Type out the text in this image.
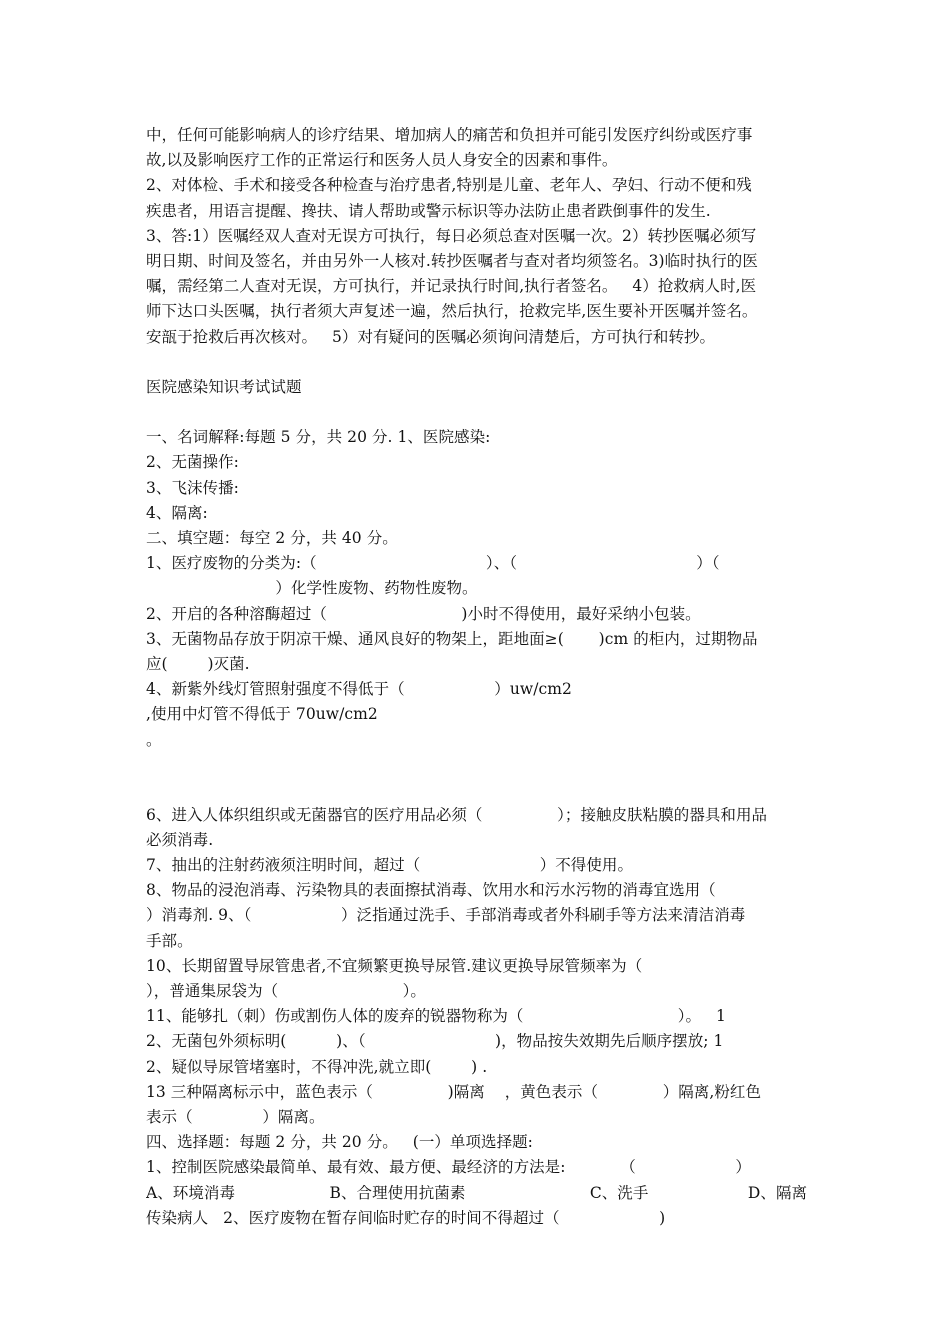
中，任何可能影响病人的诊疗结果、增加病人的痛苦和负担并可能引发医疗纠纷或医疗事
故,以及影响医疗工作的正常运行和医务人员人身安全的因素和事件。
2、对体检、手术和接受各种检查与治疗患者,特别是儿童、老年人、孕妇、行动不便和残
疾患者，用语言提醒、搀扶、请人帮助或警示标识等办法防止患者跌倒事件的发生.
3、答:1）医嘱经双人查对无误方可执行，每日必须总查对医嘱一次。2）转抄医嘱必须写
明日期、时间及签名，并由另外一人核对.转抄医嘱者与查对者均须签名。3)临时执行的医
嘱，需经第二人查对无误，方可执行，并记录执行时间,执行者签名。   4）抢救病人时,医
师下达口头医嘱，执行者须大声复述一遍，然后执行，抢救完毕,医生要补开医嘱并签名。
安瓿于抢救后再次核对。   5）对有疑问的医嘱必须询问清楚后，方可执行和转抄。
医院感染知识考试试题

一、名词解释:每题 5 分，共 20 分. 1、医院感染:
2、无菌操作:
3、飞沫传播:
4、隔离:
二、填空题：每空 2 分，共 40 分。
1、医疗废物的分类为:（                                  ）、（                                    ）（
）化学性废物、药物性废物。
2、开启的各种溶酶超过（                           )小时不得使用，最好采纳小包装。
3、无菌物品存放于阴凉干燥、通风良好的物架上，距地面≥(       )cm 的柜内，过期物品
应(        )灭菌.
4、新紫外线灯管照射强度不得低于（                  ）uw/cm2
,使用中灯管不得低于 70uw/cm2
。
6、进入人体织组织或无菌器官的医疗用品必须（               ）；接触皮肤粘膜的器具和用品
必须消毒.
7、抽出的注射药液须注明时间，超过（                        ）不得使用。
8、物品的浸泡消毒、污染物具的表面擦拭消毒、饮用水和污水污物的消毒宜选用（
）消毒剂. 9、（                  ）泛指通过洗手、手部消毒或者外科刷手等方法来清洁消毒
手部。
10、长期留置导尿管患者,不宜频繁更换导尿管.建议更换导尿管频率为（
），普通集尿袋为（                         ）。
11、能够扎（刺）伤或割伤人体的废弃的锐器物称为（                               ）。   1
2、无菌包外须标明(          )、（                          )，物品按失效期先后顺序摆放; 1
2、疑似导尿管堵塞时，不得冲洗,就立即(        ) .
13 三种隔离标示中，蓝色表示（               )隔离    ，黄色表示（             ）隔离,粉红色
表示（              ）隔离。
四、选择题：每题 2 分，共 20 分。   (一）单项选择题:
1、控制医院感染最简单、最有效、最方便、最经济的方法是:           （                    ）
A、环境消毒                   B、合理使用抗菌素                         C、洗手                    D、隔离
传染病人   2、医疗废物在暂存间临时贮存的时间不得超过（                    )
